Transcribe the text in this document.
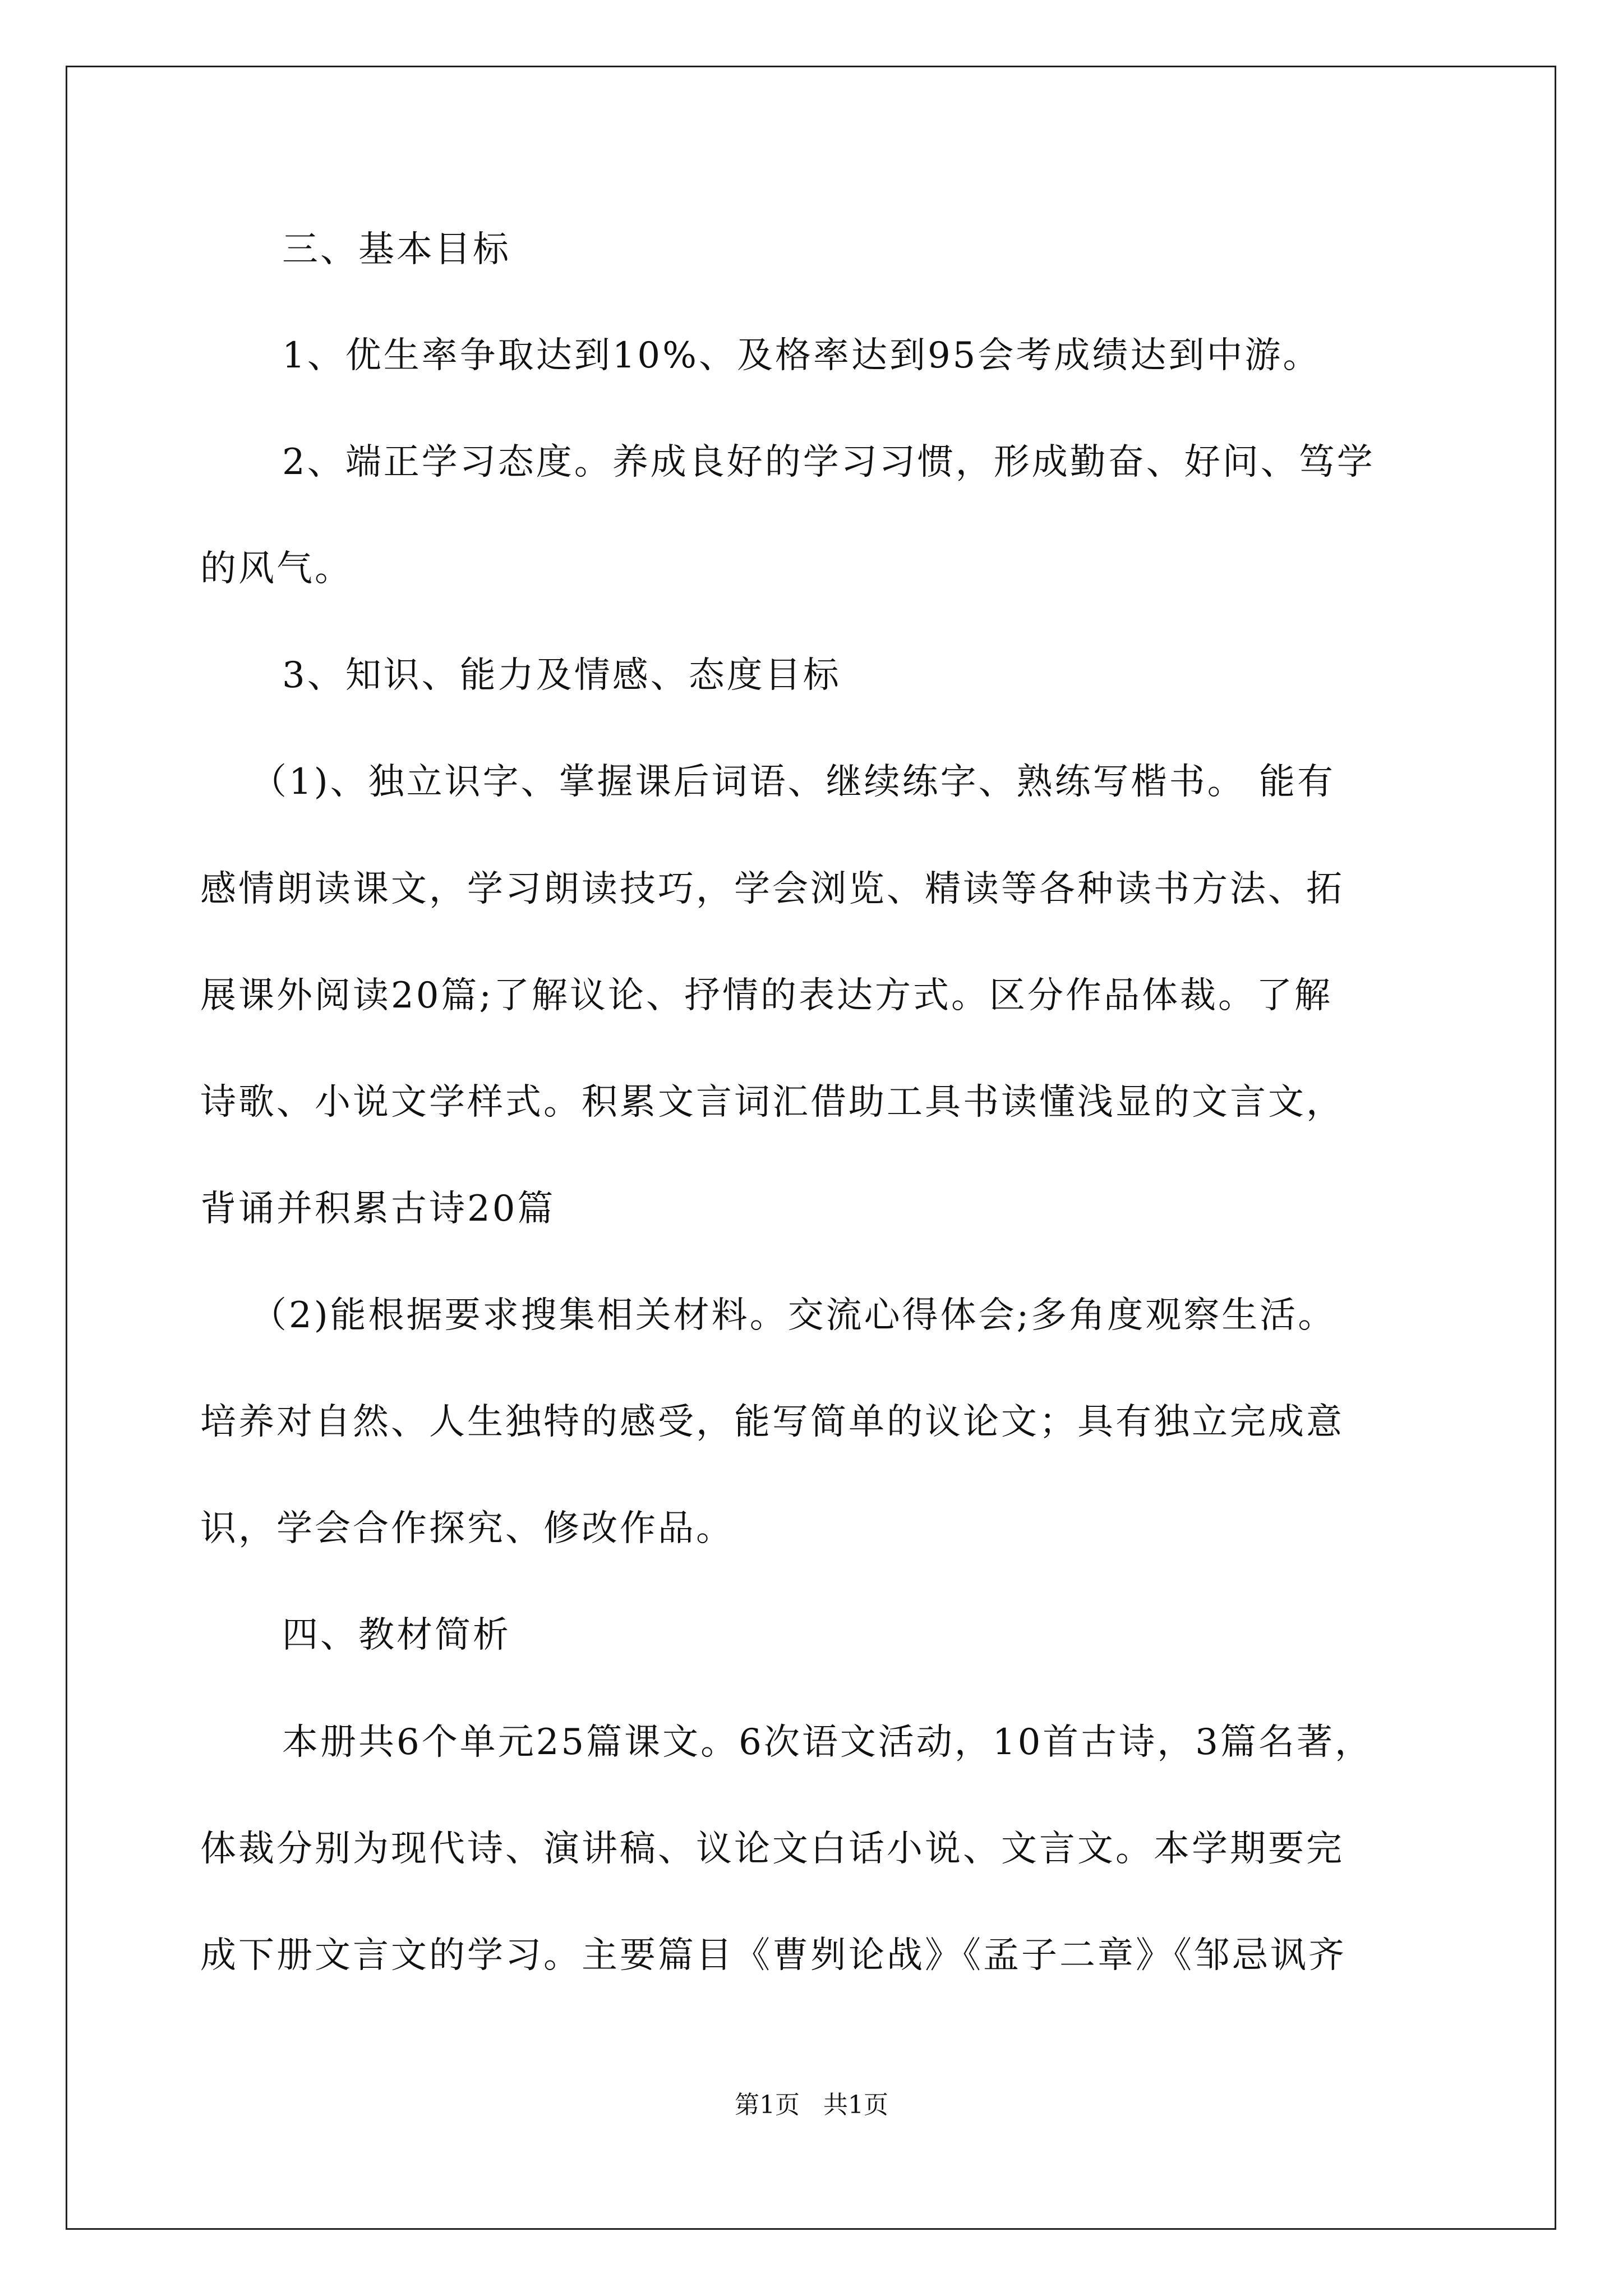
三、基本目标
1、优生率争取达到10%、及格率达到95会考成绩达到中游。
2、端正学习态度。养成良好的学习习惯，形成勤奋、好问、笃学
的风气。
3、知识、能力及情感、态度目标
（1)、独立识字、掌握课后词语、继续练字、熟练写楷书。 能有
感情朗读课文，学习朗读技巧，学会浏览、精读等各种读书方法、拓
展课外阅读20篇;了解议论、抒情的表达方式。区分作品体裁。了解
诗歌、小说文学样式。积累文言词汇借助工具书读懂浅显的文言文，
背诵并积累古诗20篇
（2)能根据要求搜集相关材料。交流心得体会;多角度观察生活。
培养对自然、人生独特的感受，能写简单的议论文；具有独立完成意
识，学会合作探究、修改作品。
四、教材简析
本册共6个单元25篇课文。6次语文活动，10首古诗，3篇名著，
体裁分别为现代诗、演讲稿、议论文白话小说、文言文。本学期要完
成下册文言文的学习。主要篇目《曹刿论战》《孟子二章》《邹忌讽齐
第1页   共1页
